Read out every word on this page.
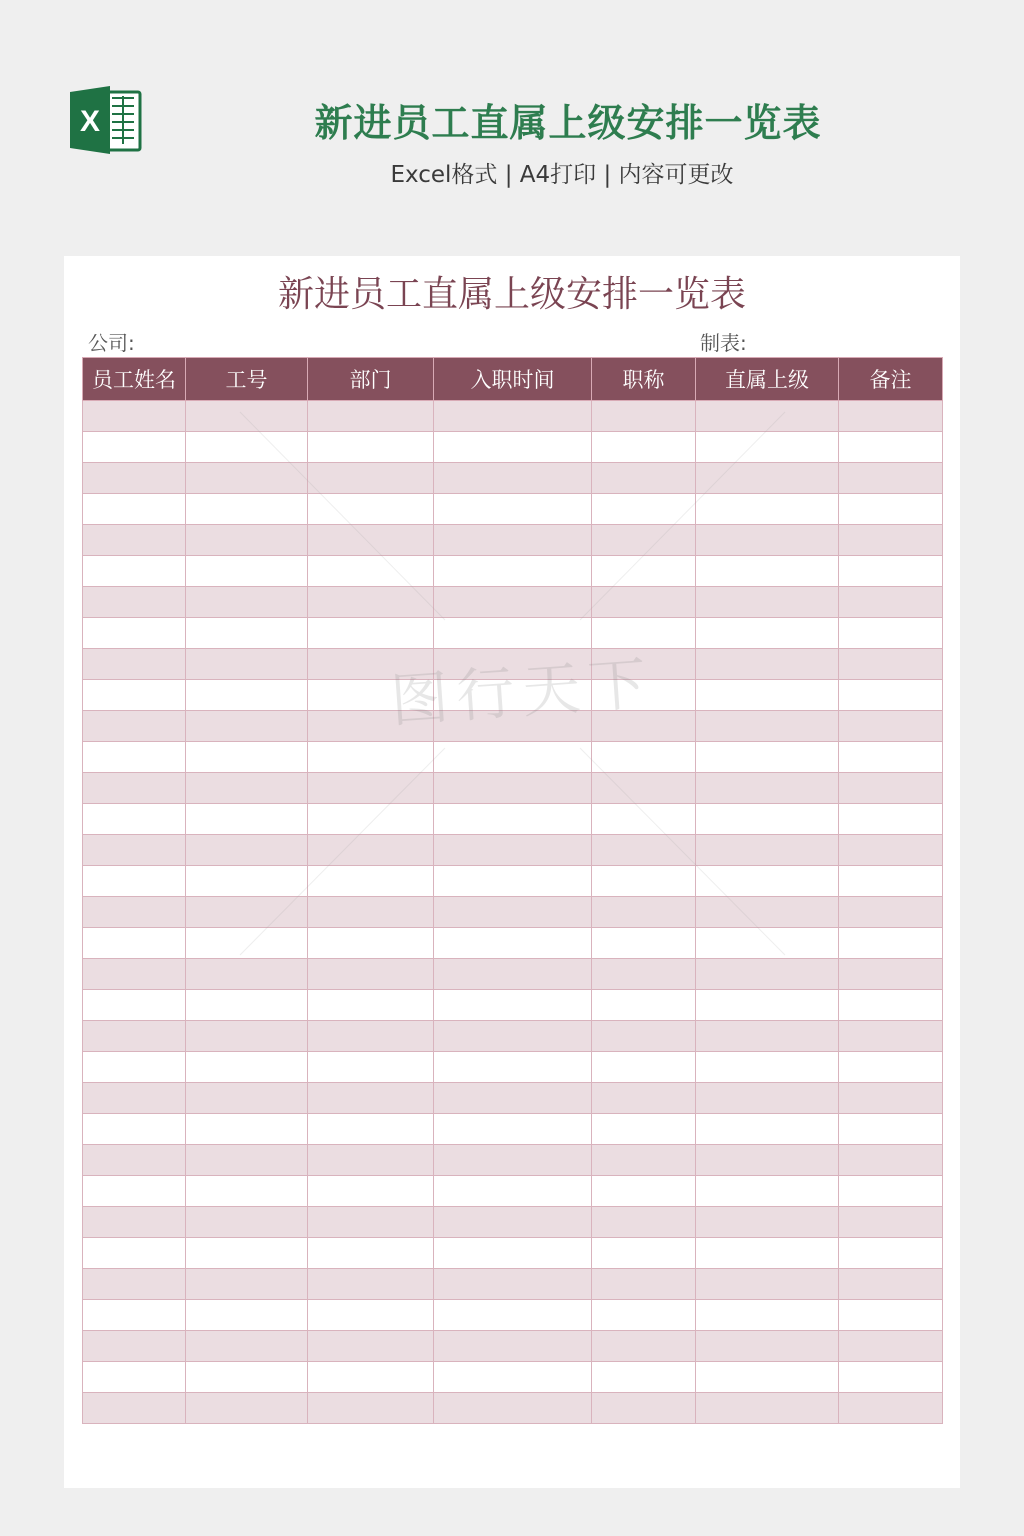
X	新进员工直属上级安排一览表
Excel格式 | A4打印 | 内容可更改
新进员工直属上级安排一览表
公司:	制表:
员工姓名	工号	部门	入职时间	职称	直属上级	备注
